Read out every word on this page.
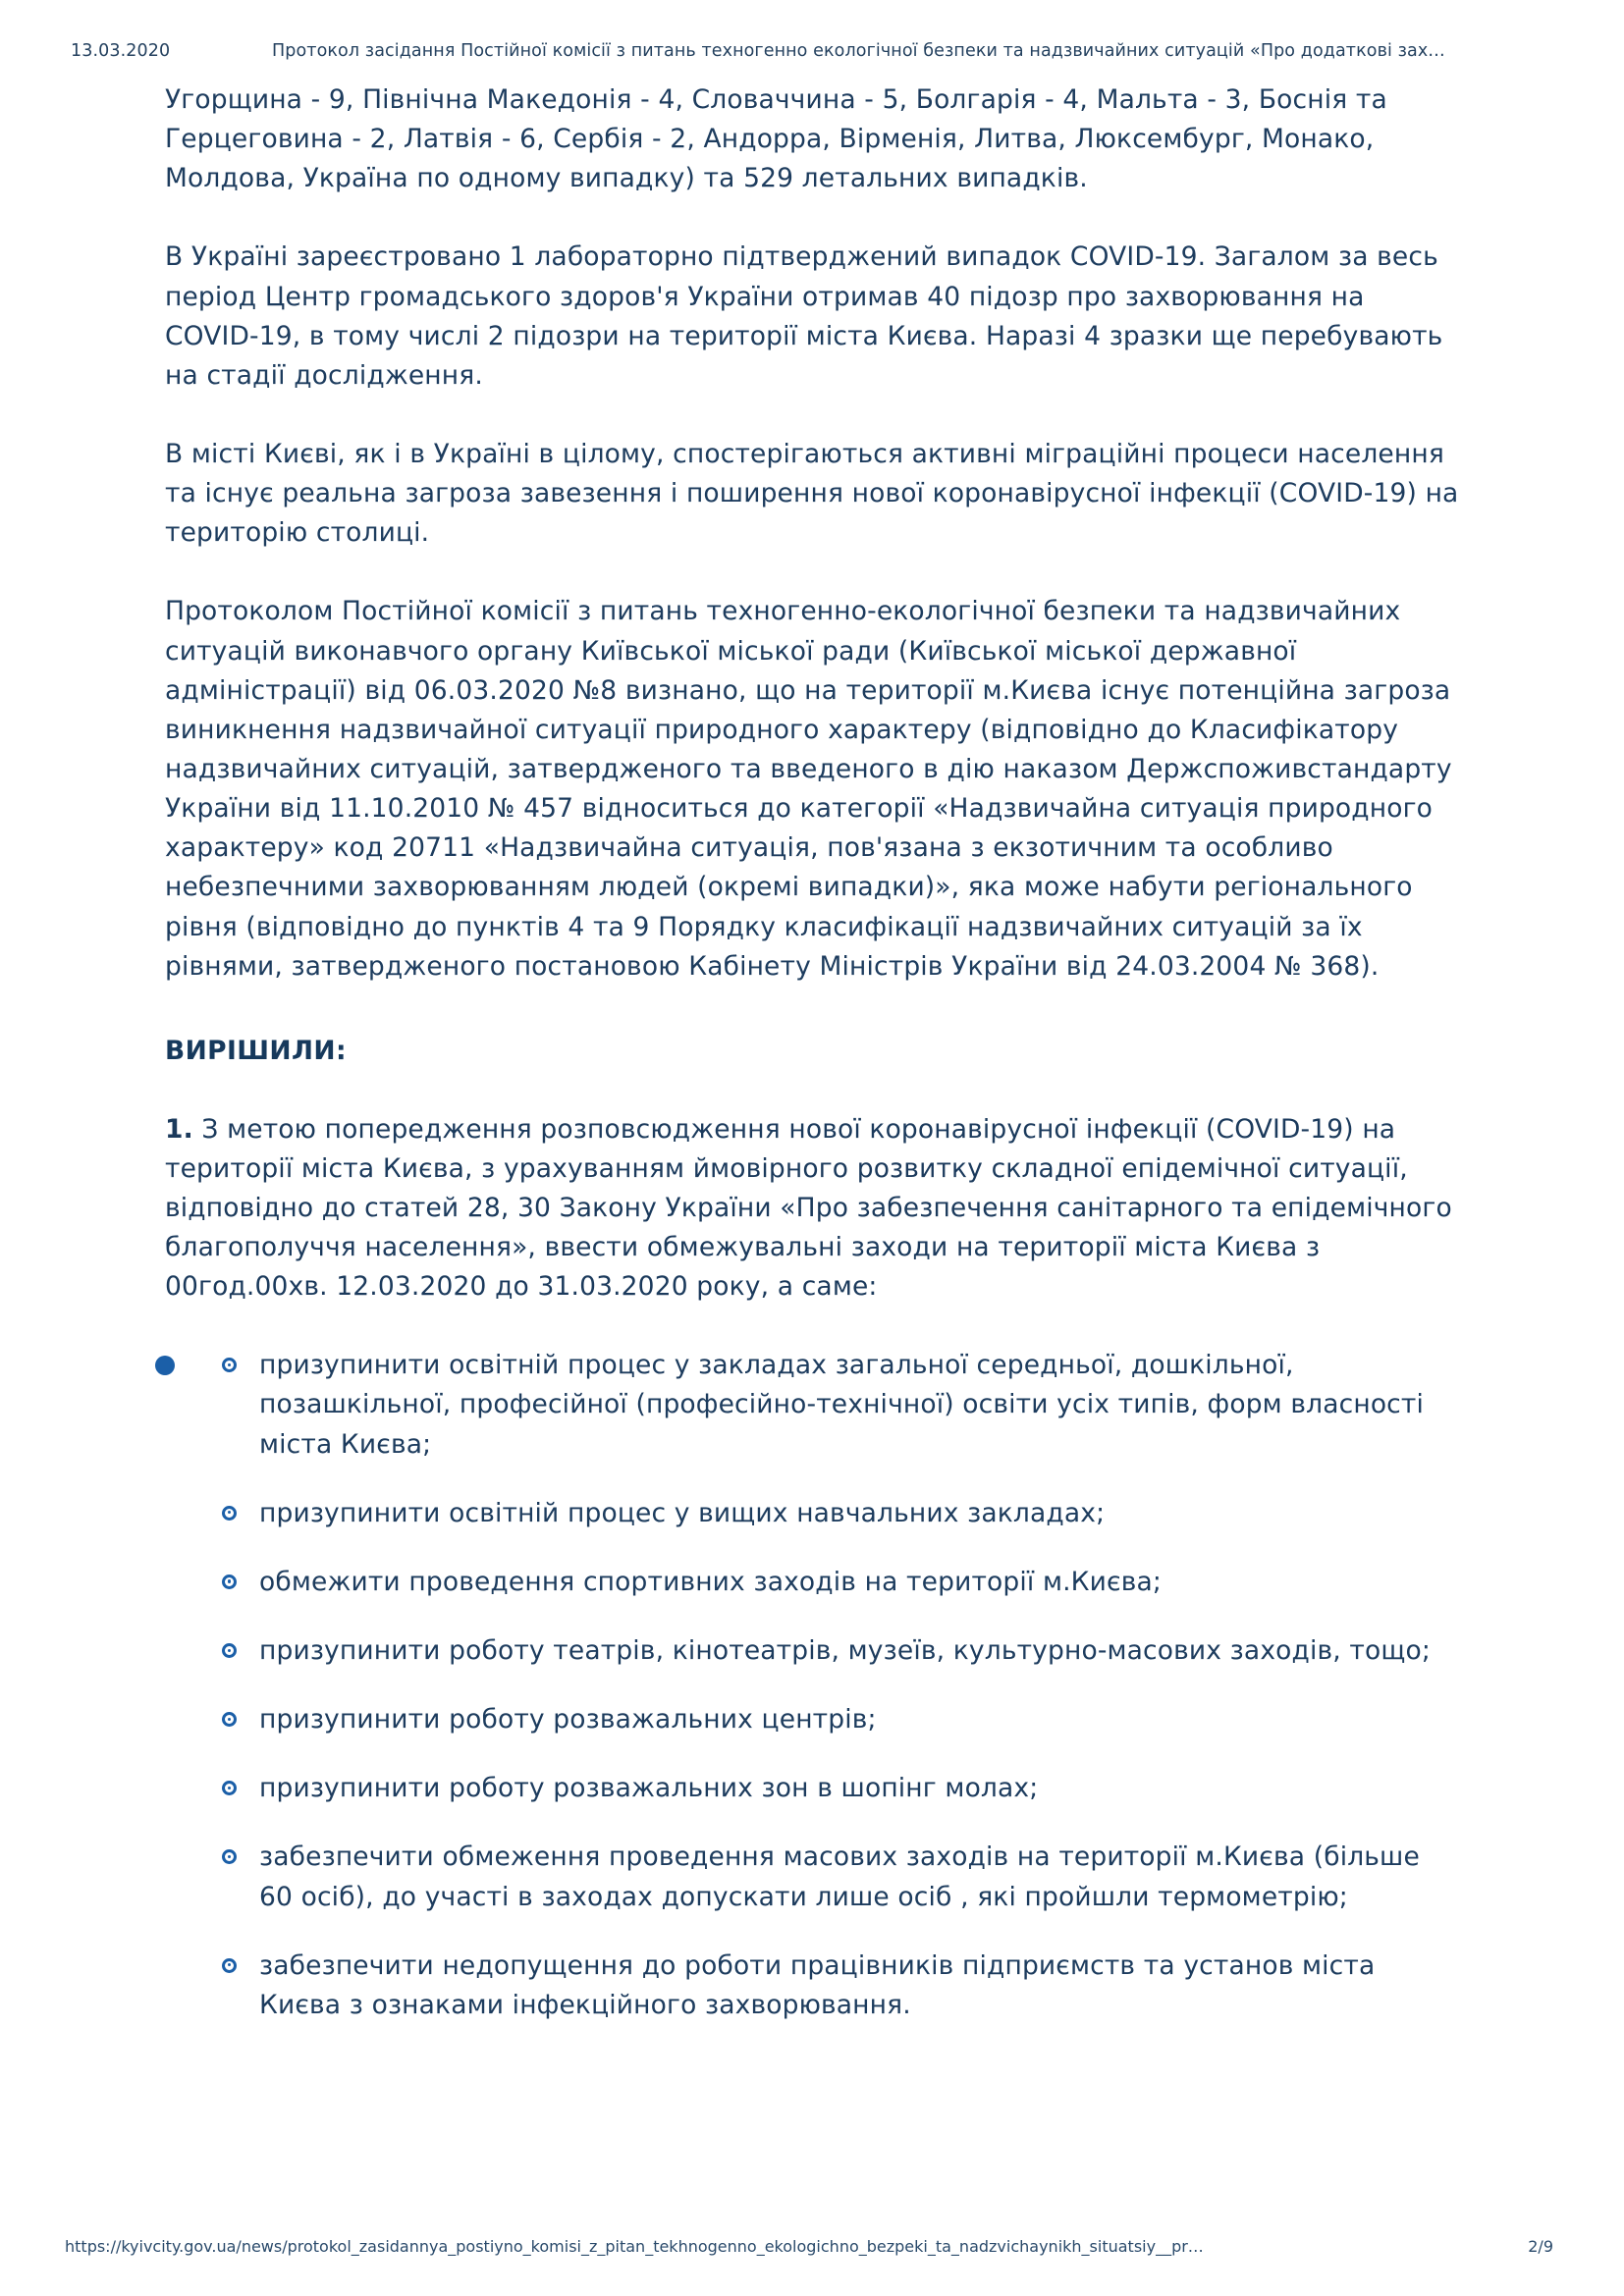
13.03.2020	Протокол засідання Постійної комісії з питань техногенно екологічної безпеки та надзвичайних ситуацій «Про додаткові зах…

Угорщина - 9, Північна Македонія - 4, Словаччина - 5, Болгарія - 4, Мальта - 3, Боснія та Герцеговина - 2, Латвія - 6, Сербія - 2, Андорра, Вірменія, Литва, Люксембург, Монако, Молдова, Україна по одному випадку) та 529 летальних випадків.

В Україні зареєстровано 1 лабораторно підтверджений випадок COVID-19. Загалом за весь період Центр громадського здоров'я України отримав 40 підозр про захворювання на COVID-19, в тому числі 2 підозри на території міста Києва. Наразі 4 зразки ще перебувають на стадії дослідження.

В місті Києві, як і в Україні в цілому, спостерігаються активні міграційні процеси населення та існує реальна загроза завезення і поширення нової коронавірусної інфекції (COVID-19) на територію столиці.

Протоколом Постійної комісії з питань техногенно-екологічної безпеки та надзвичайних ситуацій виконавчого органу Київської міської ради (Київської міської державної адміністрації) від 06.03.2020 №8 визнано, що на території м.Києва існує потенційна загроза виникнення надзвичайної ситуації природного характеру (відповідно до Класифікатору надзвичайних ситуацій, затвердженого та введеного в дію наказом Держспоживстандарту України від 11.10.2010 № 457 відноситься до категорії «Надзвичайна ситуація природного характеру» код 20711 «Надзвичайна ситуація, пов'язана з екзотичним та особливо небезпечними захворюванням людей (окремі випадки)», яка може набути регіонального рівня (відповідно до пунктів 4 та 9 Порядку класифікації надзвичайних ситуацій за їх рівнями, затвердженого постановою Кабінету Міністрів України від 24.03.2004 № 368).

ВИРІШИЛИ:
1. З метою попередження розповсюдження нової коронавірусної інфекції (COVID-19) на території міста Києва, з урахуванням ймовірного розвитку складної епідемічної ситуації, відповідно до статей 28, 30 Закону України «Про забезпечення санітарного та епідемічного благополуччя населення», ввести обмежувальні заходи на території міста Києва з 00год.00хв. 12.03.2020 до 31.03.2020 року, а саме:
призупинити освітній процес у закладах загальної середньої, дошкільної, позашкільної, професійної (професійно-технічної) освіти усіх типів, форм власності міста Києва;
призупинити освітній процес у вищих навчальних закладах;
обмежити проведення спортивних заходів на території м.Києва;
призупинити роботу театрів, кінотеатрів, музеїв, культурно-масових заходів, тощо;
призупинити роботу розважальних центрів;
призупинити роботу розважальних зон в шопінг молах;
забезпечити обмеження проведення масових заходів на території м.Києва (більше 60 осіб), до участі в заходах допускати лише осіб , які пройшли термометрію;
забезпечити недопущення до роботи працівників підприємств та установ міста Києва з ознаками інфекційного захворювання.
https://kyivcity.gov.ua/news/protokol_zasidannya_postiyno_komisi_z_pitan_tekhnogenno_ekologichno_bezpeki_ta_nadzvichaynikh_situatsiy__pr…	2/9
